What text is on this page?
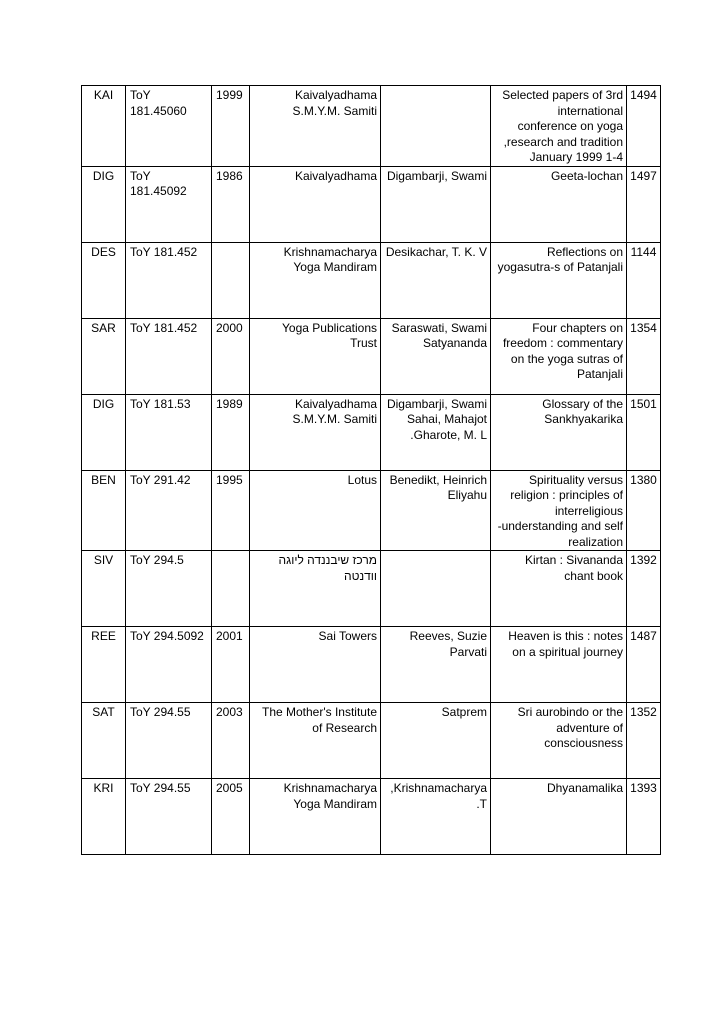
KAI	ToY
181.45060	1999	Kaivalyadhama
S.M.Y.M. Samiti		Selected papers of 3rd
international
conference on yoga
,research and tradition
January 1999 1-4	1494

DIG	ToY
181.45092	1986	Kaivalyadhama	Digambarji, Swami	Geeta-lochan	1497

DES	ToY 181.452		Krishnamacharya
Yoga Mandiram	Desikachar, T. K. V	Reflections on
yogasutra-s of Patanjali	1144

SAR	ToY 181.452	2000	Yoga Publications
Trust	Saraswati, Swami
Satyananda	Four chapters on
freedom : commentary
on the yoga sutras of
Patanjali	1354

DIG	ToY 181.53	1989	Kaivalyadhama
S.M.Y.M. Samiti	Digambarji, Swami
Sahai, Mahajot
.Gharote, M. L	Glossary of the
Sankhyakarika	1501

BEN	ToY 291.42	1995	Lotus	Benedikt, Heinrich
Eliyahu	Spirituality versus
religion : principles of
interreligious
-understanding and self
realization	1380

SIV	ToY 294.5		מרכז שיבננדה ליוגה
וודנטה		Kirtan : Sivananda
chant book	1392

REE	ToY 294.5092	2001	Sai Towers	Reeves, Suzie
Parvati	Heaven is this : notes
on a spiritual journey	1487

SAT	ToY 294.55	2003	The Mother's Institute
of Research	Satprem	Sri aurobindo or the
adventure of
consciousness	1352

KRI	ToY 294.55	2005	Krishnamacharya
Yoga Mandiram	,Krishnamacharya
.T	Dhyanamalika	1393
